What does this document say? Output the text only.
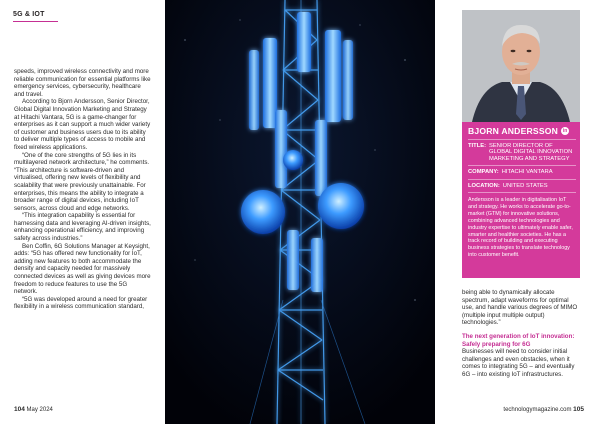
5G & IOT

speeds, improved wireless connectivity and more reliable communication for essential platforms like emergency services, cybersecurity, healthcare and travel.

According to Bjorn Andersson, Senior Director, Global Digital Innovation Marketing and Strategy at Hitachi Vantara, 5G is a game-changer for enterprises as it can support a much wider variety of customer and business users due to its ability to deliver multiple types of access to mobile and fixed wireless applications.

“One of the core strengths of 5G lies in its multilayered network architecture,” he comments. “This architecture is software-driven and virtualised, offering new levels of flexibility and scalability that were previously unattainable. For enterprises, this means the ability to integrate a broader range of digital devices, including IoT sensors, across cloud and edge networks.

“This integration capability is essential for harnessing data and leveraging AI-driven insights, enhancing operational efficiency, and improving safety across industries.”

Ben Coffin, 6G Solutions Manager at Keysight, adds: “5G has offered new functionality for IoT, adding new features to both accommodate the density and capacity needed for massively connected devices as well as giving devices more freedom to reduce features to use the 5G network.

“5G was developed around a need for greater flexibility in a wireless communication standard,

BJORN ANDERSSON in
TITLE: SENIOR DIRECTOR OF GLOBAL DIGITAL INNOVATION MARKETING AND STRATEGY
COMPANY: HITACHI VANTARA
LOCATION: UNITED STATES
Andersson is a leader in digitalisation IoT and strategy. He works to accelerate go-to-market (GTM) for innovative solutions, combining advanced technologies and industry expertise to ultimately enable safer, smarter and healthier societies. He has a track record of building and executing business strategies to translate technology into customer benefit.

being able to dynamically allocate spectrum, adapt waveforms for optimal use, and handle various degrees of MIMO (multiple input multiple output) technologies.”

The next generation of IoT innovation: Safely preparing for 6G

Businesses will need to consider initial challenges and even obstacles, when it comes to integrating 5G – and eventually 6G – into existing IoT infrastructures.

104 May 2024	technologymagazine.com 105
